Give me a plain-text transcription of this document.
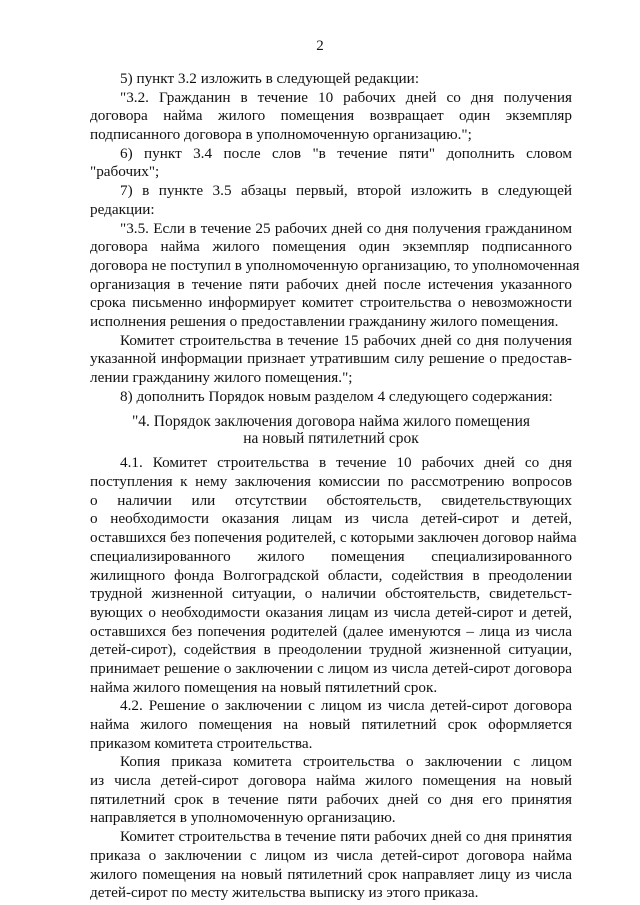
2
5) пункт 3.2 изложить в следующей редакции:
"3.2. Гражданин в течение 10 рабочих дней со дня получения
договора найма жилого помещения возвращает один экземпляр
подписанного договора в уполномоченную организацию.";
6) пункт 3.4 после слов "в течение пяти" дополнить словом
"рабочих";
7) в пункте 3.5 абзацы первый, второй изложить в следующей
редакции:
"3.5. Если в течение 25 рабочих дней со дня получения гражданином
договора найма жилого помещения один экземпляр подписанного
договора не поступил в уполномоченную организацию, то уполномоченная
организация в течение пяти рабочих дней после истечения указанного
срока письменно информирует комитет строительства о невозможности
исполнения решения о предоставлении гражданину жилого помещения.
Комитет строительства в течение 15 рабочих дней со дня получения
указанной информации признает утратившим силу решение о предостав-
лении гражданину жилого помещения.";
8) дополнить Порядок новым разделом 4 следующего содержания:
"4. Порядок заключения договора найма жилого помещения
на новый пятилетний срок
4.1. Комитет строительства в течение 10 рабочих дней со дня
поступления к нему заключения комиссии по рассмотрению вопросов
о наличии или отсутствии обстоятельств, свидетельствующих
о необходимости оказания лицам из числа детей-сирот и детей,
оставшихся без попечения родителей, с которыми заключен договор найма
специализированного жилого помещения специализированного
жилищного фонда Волгоградской области, содействия в преодолении
трудной жизненной ситуации, о наличии обстоятельств, свидетельст-
вующих о необходимости оказания лицам из числа детей-сирот и детей,
оставшихся без попечения родителей (далее именуются – лица из числа
детей-сирот), содействия в преодолении трудной жизненной ситуации,
принимает решение о заключении с лицом из числа детей-сирот договора
найма жилого помещения на новый пятилетний срок.
4.2. Решение о заключении с лицом из числа детей-сирот договора
найма жилого помещения на новый пятилетний срок оформляется
приказом комитета строительства.
Копия приказа комитета строительства о заключении с лицом
из числа детей-сирот договора найма жилого помещения на новый
пятилетний срок в течение пяти рабочих дней со дня его принятия
направляется в уполномоченную организацию.
Комитет строительства в течение пяти рабочих дней со дня принятия
приказа о заключении с лицом из числа детей-сирот договора найма
жилого помещения на новый пятилетний срок направляет лицу из числа
детей-сирот по месту жительства выписку из этого приказа.
